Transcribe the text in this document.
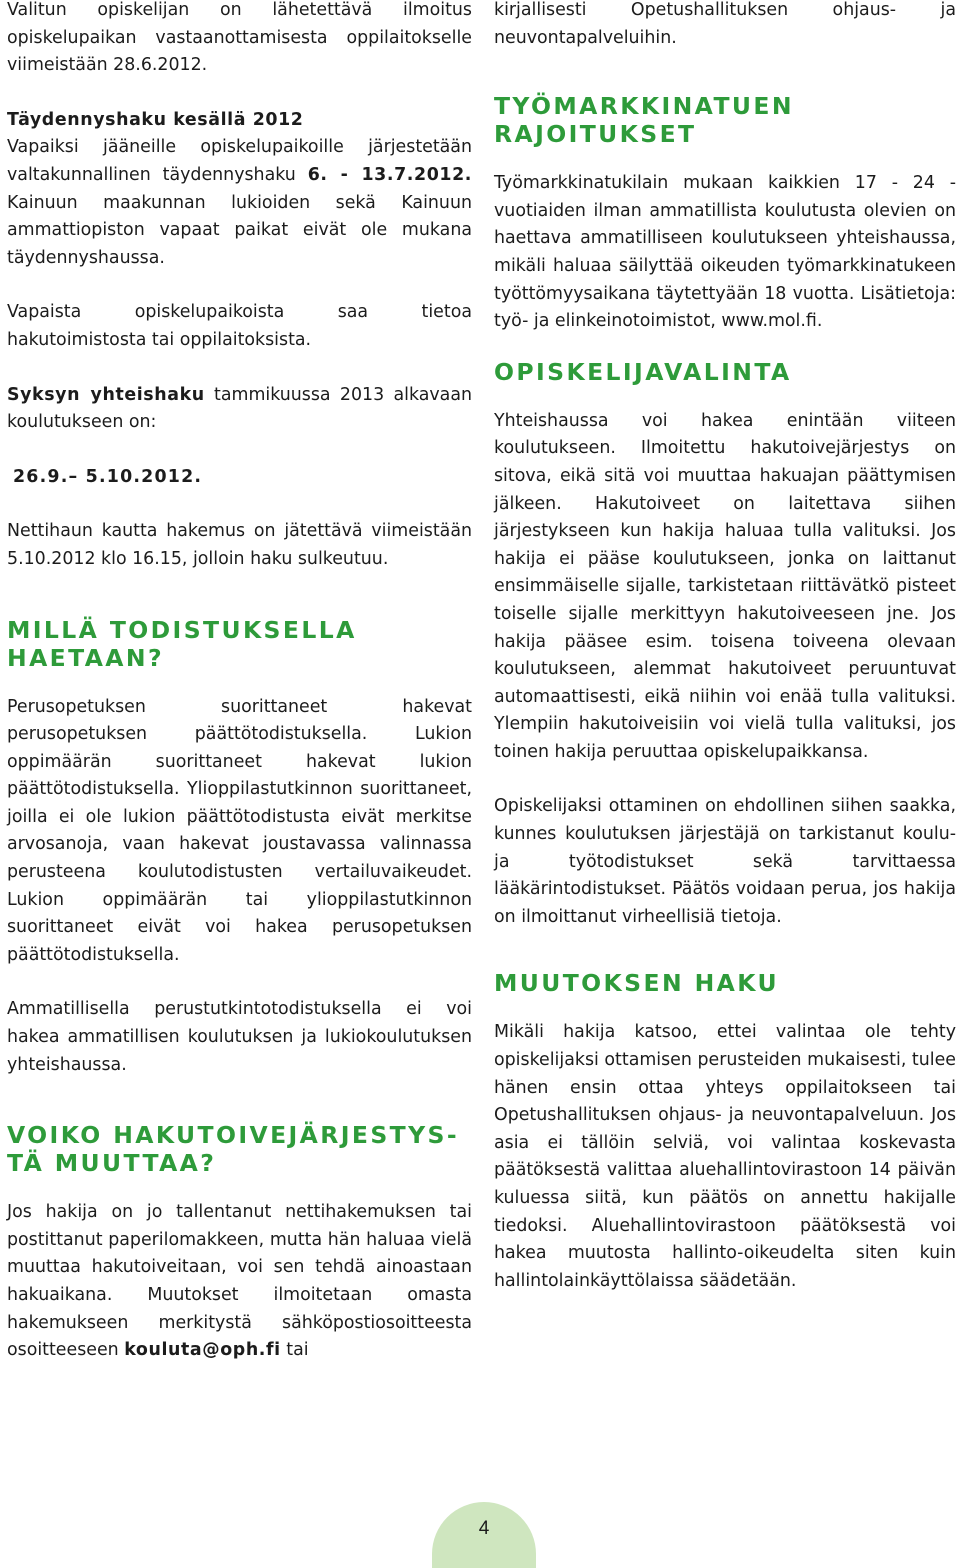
Valitun opiskelijan on lähetettävä ilmoitus opiskelupaikan vastaanottamisesta oppilaitokselle viimeistään 28.6.2012.

Täydennyshaku kesällä 2012

Vapaiksi jääneille opiskelupaikoille järjestetään valtakunnallinen täydennyshaku 6. - 13.7.2012. Kainuun maakunnan lukioiden sekä Kainuun ammattiopiston vapaat paikat eivät ole mukana täydennyshaussa.

Vapaista opiskelupaikoista saa tietoa hakutoimistosta tai oppilaitoksista.

Syksyn yhteishaku tammikuussa 2013 alkavaan koulutukseen on:

26.9.– 5.10.2012.

Nettihaun kautta hakemus on jätettävä viimeistään 5.10.2012 klo 16.15, jolloin haku sulkeutuu.

MILLÄ TODISTUKSELLA
HAETAAN?

Perusopetuksen suorittaneet hakevat perusopetuksen päättötodistuksella. Lukion oppimäärän suorittaneet hakevat lukion päättötodistuksella. Ylioppilastutkinnon suorittaneet, joilla ei ole lukion päättötodistusta eivät merkitse arvosanoja, vaan hakevat joustavassa valinnassa perusteena koulutodistusten vertailuvaikeudet. Lukion oppimäärän tai ylioppilastutkinnon suorittaneet eivät voi hakea perusopetuksen päättötodistuksella.

Ammatillisella perustutkintotodistuksella ei voi hakea ammatillisen koulutuksen ja lukiokoulutuksen yhteishaussa.

VOIKO HAKUTOIVEJÄRJESTYS-
TÄ MUUTTAA?

Jos hakija on jo tallentanut nettihakemuksen tai postittanut paperilomakkeen, mutta hän haluaa vielä muuttaa hakutoiveitaan, voi sen tehdä ainoastaan hakuaikana. Muutokset ilmoitetaan omasta hakemukseen merkitystä sähköpostiosoitteesta osoitteeseen kouluta@oph.fi tai

kirjallisesti Opetushallituksen ohjaus- ja neuvontapalveluihin.

TYÖMARKKINATUEN
RAJOITUKSET

Työmarkkinatukilain mukaan kaikkien 17 - 24 -vuotiaiden ilman ammatillista koulutusta olevien on haettava ammatilliseen koulutukseen yhteishaussa, mikäli haluaa säilyttää oikeuden työmarkkinatukeen työttömyysaikana täytettyään 18 vuotta. Lisätietoja: työ- ja elinkeinotoimistot, www.mol.fi.

OPISKELIJAVALINTA

Yhteishaussa voi hakea enintään viiteen koulutukseen. Ilmoitettu hakutoivejärjestys on sitova, eikä sitä voi muuttaa hakuajan päättymisen jälkeen. Hakutoiveet on laitettava siihen järjestykseen kun hakija haluaa tulla valituksi. Jos hakija ei pääse koulutukseen, jonka on laittanut ensimmäiselle sijalle, tarkistetaan riittävätkö pisteet toiselle sijalle merkittyyn hakutoiveeseen jne. Jos hakija pääsee esim. toisena toiveena olevaan koulutukseen, alemmat hakutoiveet peruuntuvat automaattisesti, eikä niihin voi enää tulla valituksi. Ylempiin hakutoiveisiin voi vielä tulla valituksi, jos toinen hakija peruuttaa opiskelupaikkansa.

Opiskelijaksi ottaminen on ehdollinen siihen saakka, kunnes koulutuksen järjestäjä on tarkistanut koulu- ja työtodistukset sekä tarvittaessa lääkärintodistukset. Päätös voidaan perua, jos hakija on ilmoittanut virheellisiä tietoja.

MUUTOKSEN HAKU

Mikäli hakija katsoo, ettei valintaa ole tehty opiskelijaksi ottamisen perusteiden mukaisesti, tulee hänen ensin ottaa yhteys oppilaitokseen tai Opetushallituksen ohjaus- ja neuvontapalveluun. Jos asia ei tällöin selviä, voi valintaa koskevasta päätöksestä valittaa aluehallintovirastoon 14 päivän kuluessa siitä, kun päätös on annettu hakijalle tiedoksi. Aluehallintovirastoon päätöksestä voi hakea muutosta hallinto-oikeudelta siten kuin hallintolainkäyttölaissa säädetään.

4
